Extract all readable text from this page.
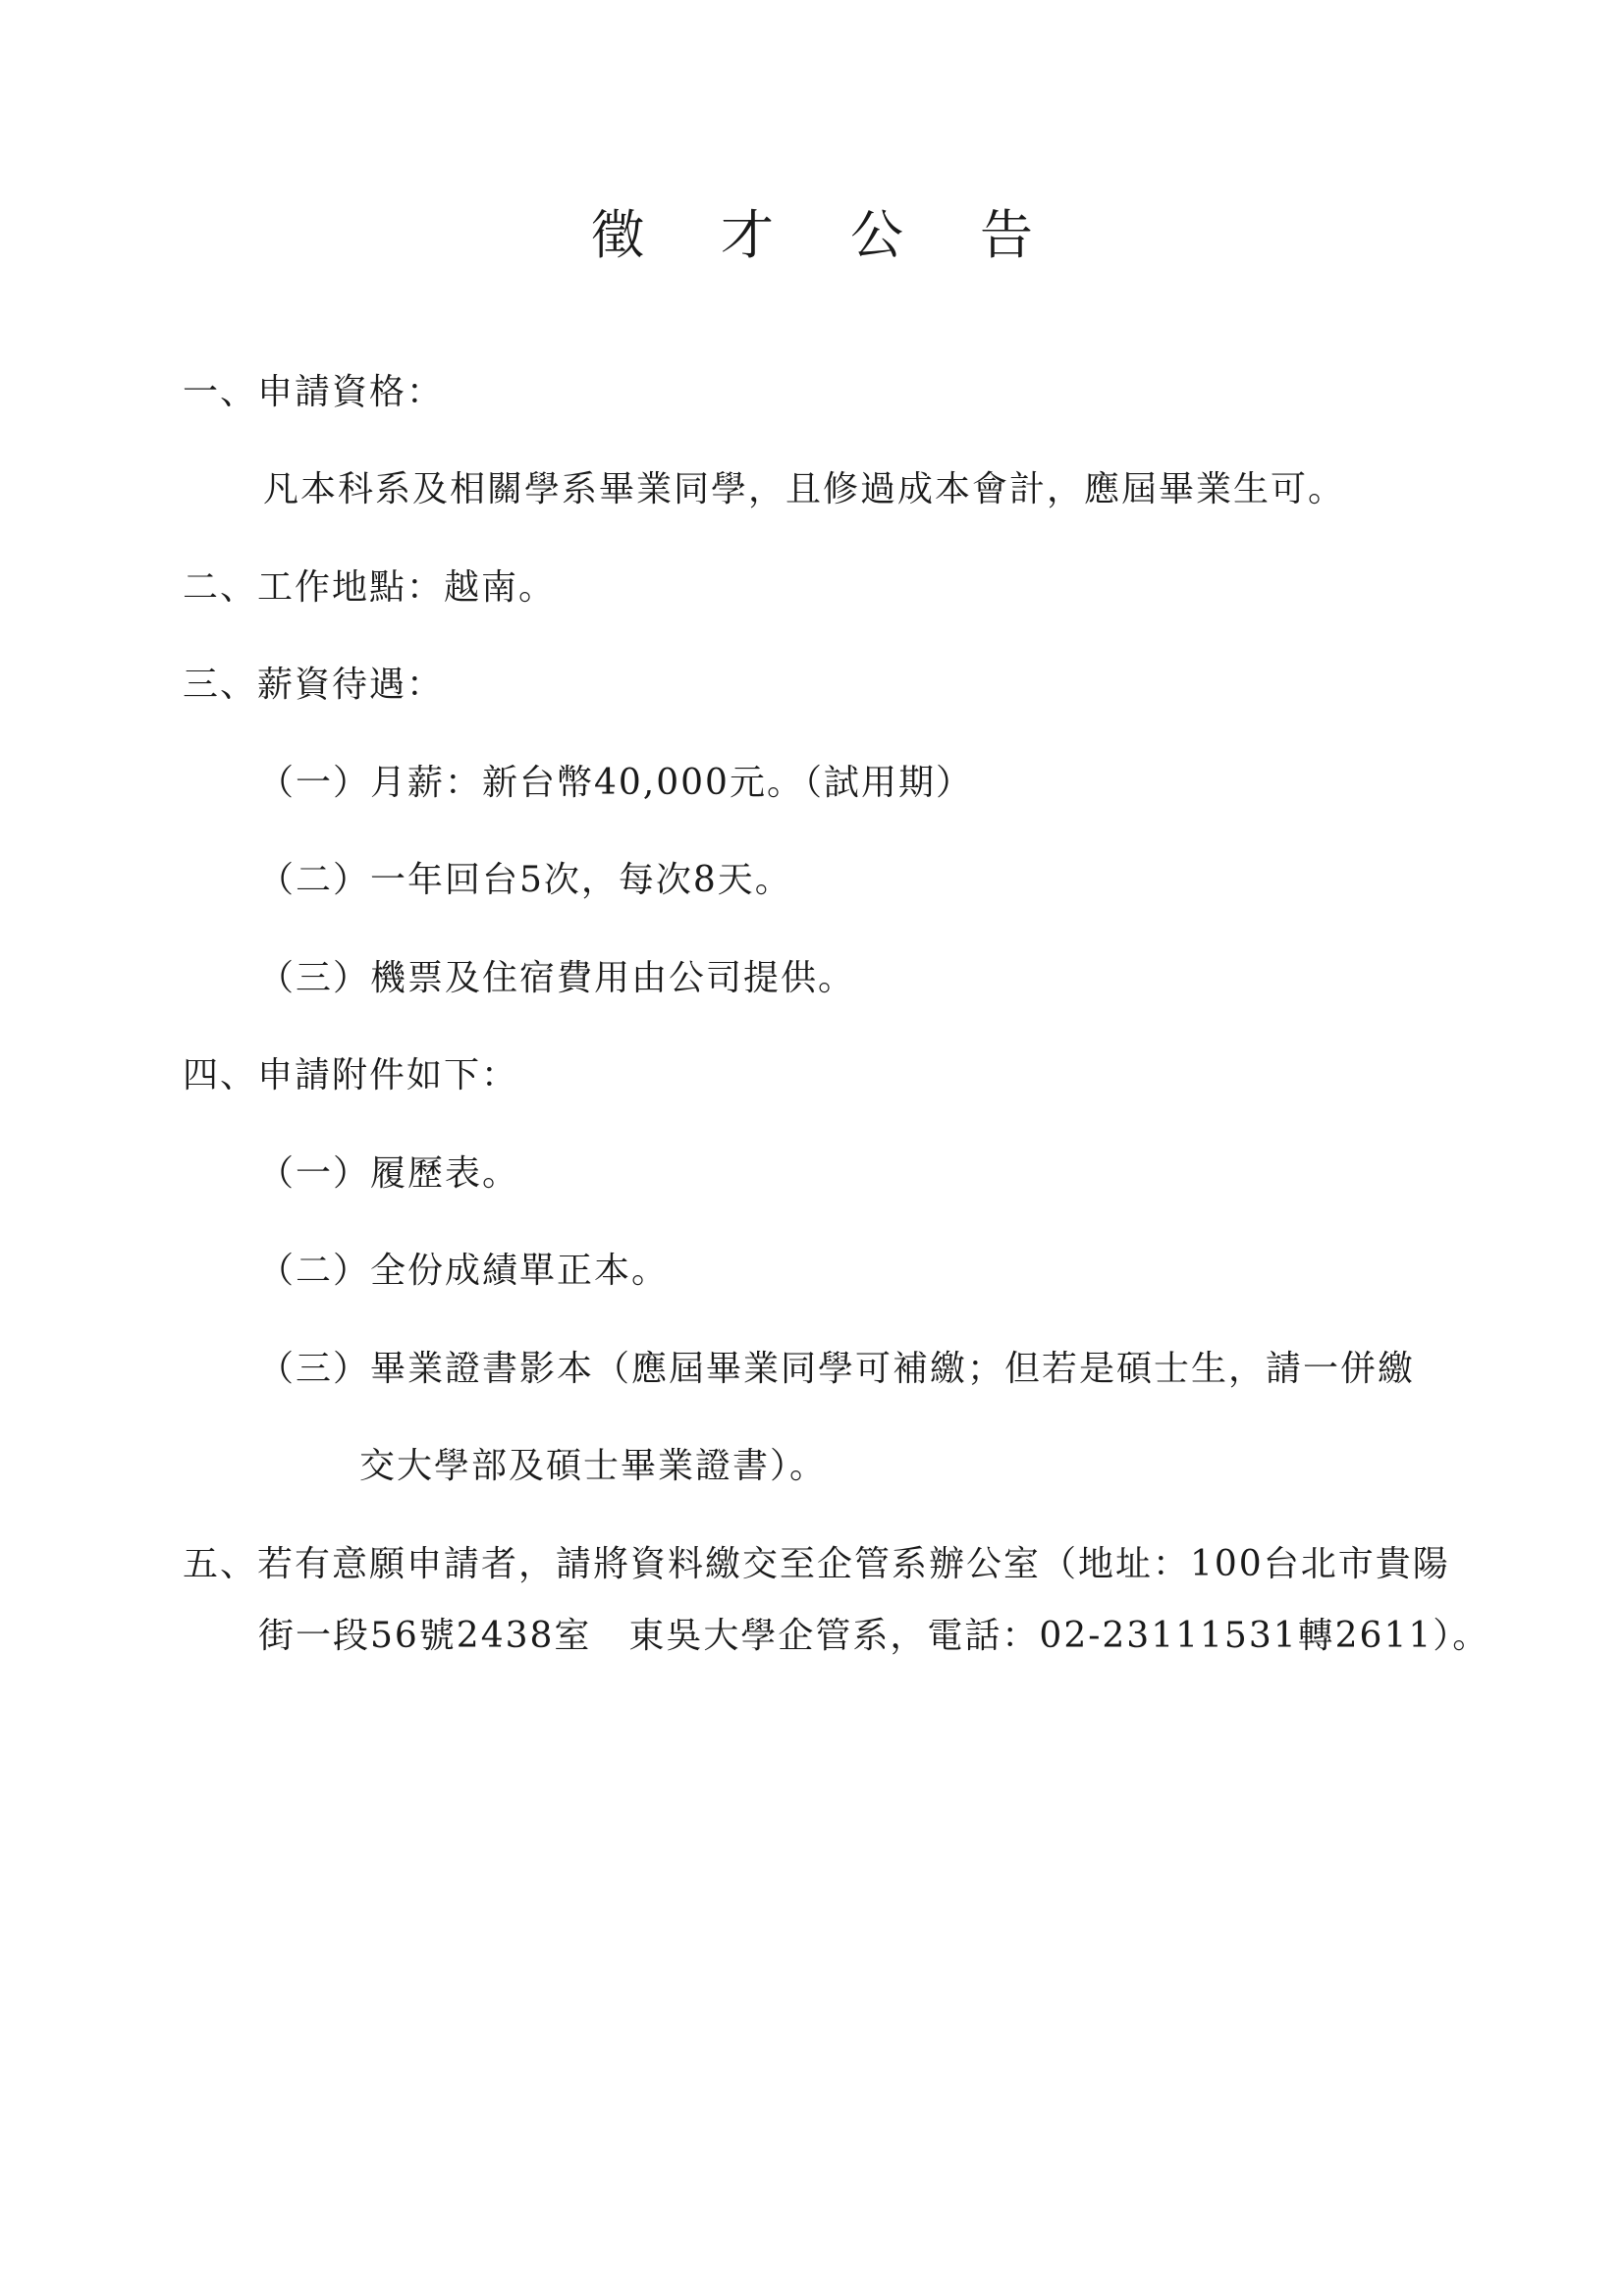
徵才公告
一、申請資格：
凡本科系及相關學系畢業同學，且修過成本會計，應屆畢業生可。
二、工作地點：越南。
三、薪資待遇：
（一）月薪：新台幣40,000元。（試用期）
（二）一年回台5次，每次8天。
（三）機票及住宿費用由公司提供。
四、申請附件如下：
（一）履歷表。
（二）全份成績單正本。
（三）畢業證書影本（應屆畢業同學可補繳；但若是碩士生，請一併繳
交大學部及碩士畢業證書）。
五、若有意願申請者，請將資料繳交至企管系辦公室（地址：100台北市貴陽
街一段56號2438室　東吳大學企管系，電話：02-23111531轉2611）。
